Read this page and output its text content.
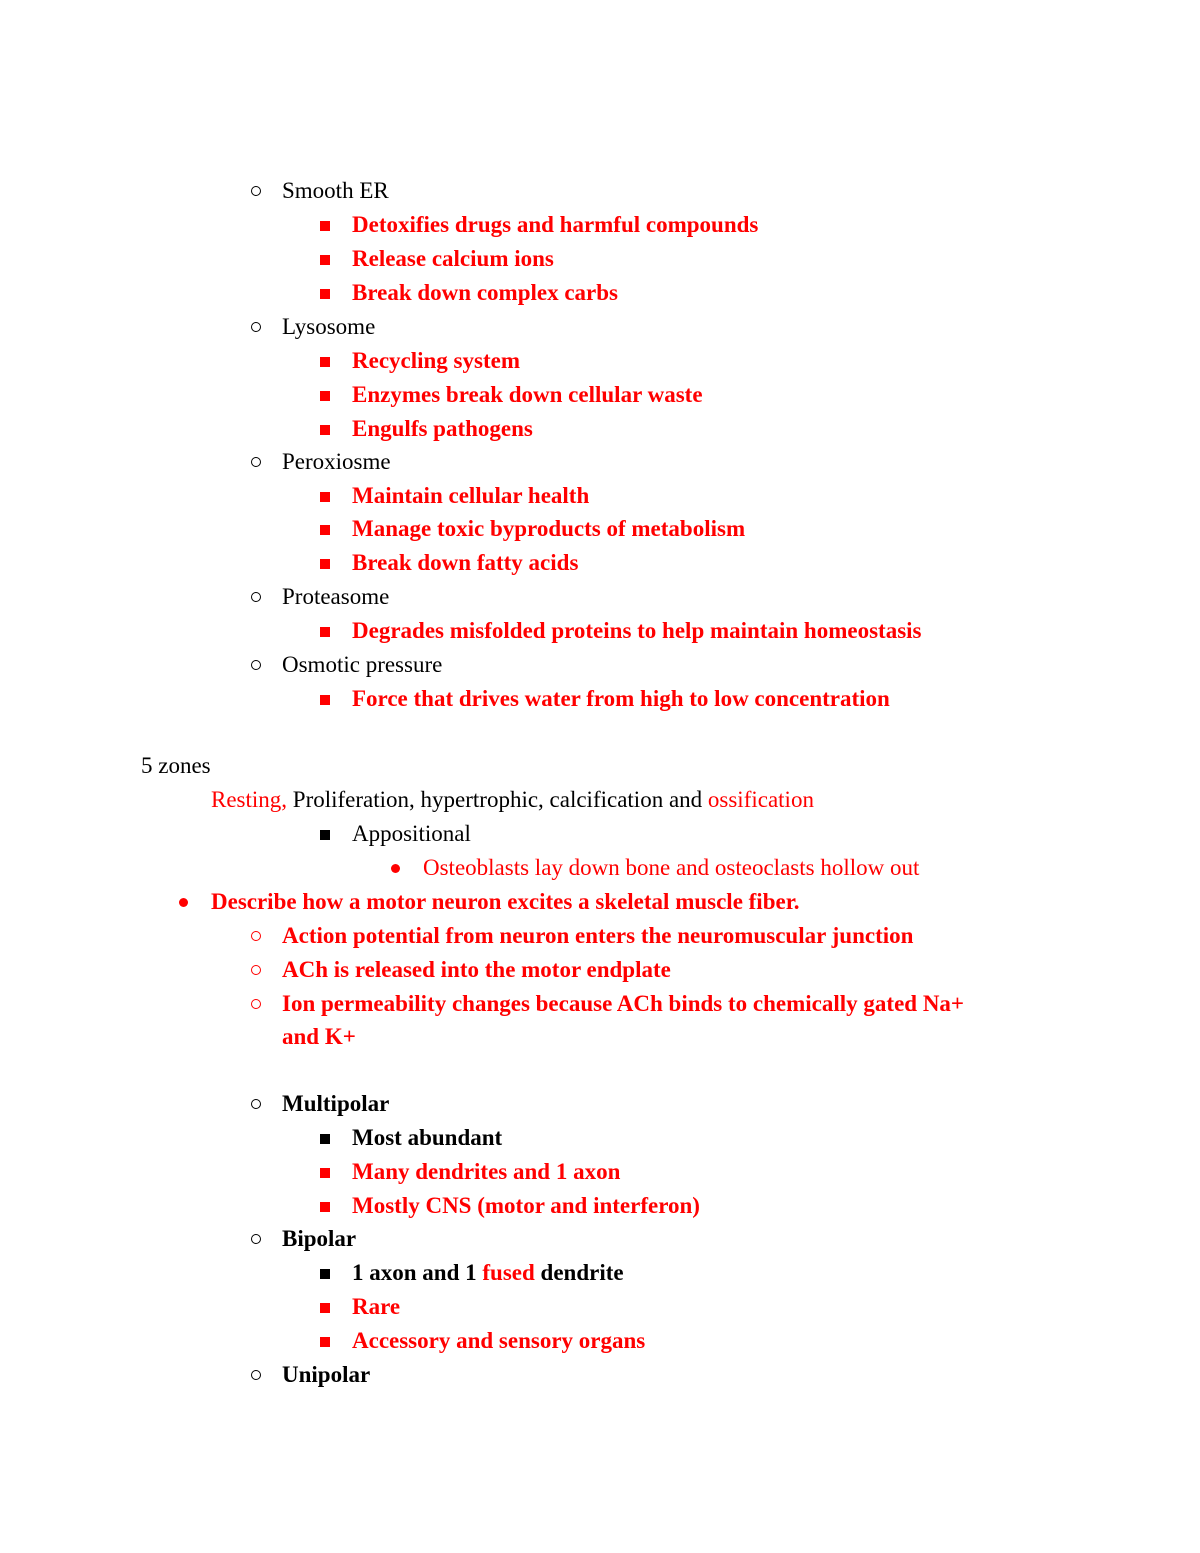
Smooth ER
Detoxifies drugs and harmful compounds
Release calcium ions
Break down complex carbs
Lysosome
Recycling system
Enzymes break down cellular waste
Engulfs pathogens
Peroxiosme
Maintain cellular health
Manage toxic byproducts of metabolism
Break down fatty acids
Proteasome
Degrades misfolded proteins to help maintain homeostasis
Osmotic pressure
Force that drives water from high to low concentration
5 zones
Resting, Proliferation, hypertrophic, calcification and ossification
Appositional
Osteoblasts lay down bone and osteoclasts hollow out
Describe how a motor neuron excites a skeletal muscle fiber.
Action potential from neuron enters the neuromuscular junction
ACh is released into the motor endplate
Ion permeability changes because ACh binds to chemically gated Na+
and K+
Multipolar
Most abundant
Many dendrites and 1 axon
Mostly CNS (motor and interferon)
Bipolar
1 axon and 1 fused dendrite
Rare
Accessory and sensory organs
Unipolar
